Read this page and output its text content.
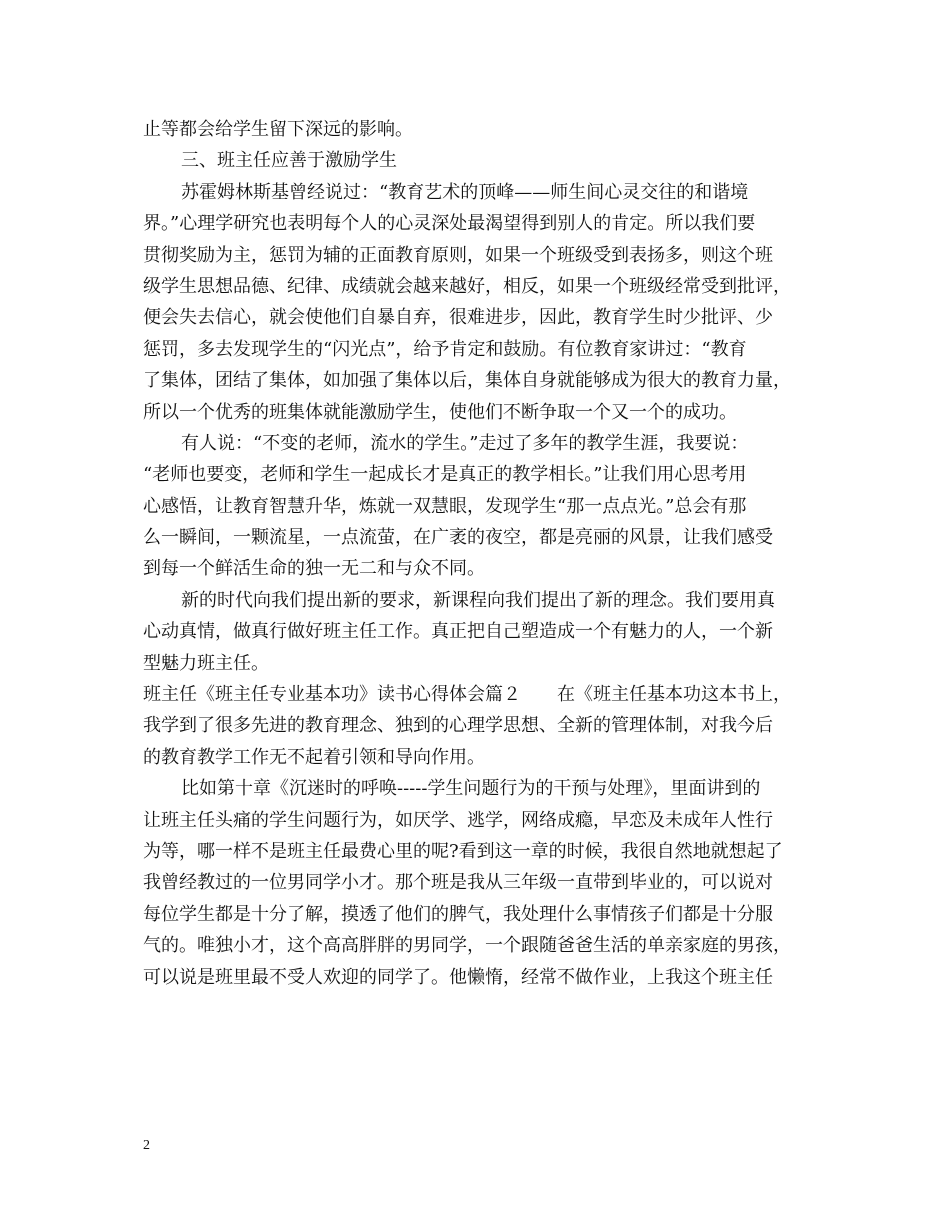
止等都会给学生留下深远的影响。
三、班主任应善于激励学生
苏霍姆林斯基曾经说过：“教育艺术的顶峰——师生间心灵交往的和谐境
界。”心理学研究也表明每个人的心灵深处最渴望得到别人的肯定。所以我们要
贯彻奖励为主，惩罚为辅的正面教育原则，如果一个班级受到表扬多，则这个班
级学生思想品德、纪律、成绩就会越来越好，相反，如果一个班级经常受到批评，
便会失去信心，就会使他们自暴自弃，很难进步，因此，教育学生时少批评、少
惩罚，多去发现学生的“闪光点”，给予肯定和鼓励。有位教育家讲过：“教育
了集体，团结了集体，如加强了集体以后，集体自身就能够成为很大的教育力量，
所以一个优秀的班集体就能激励学生，使他们不断争取一个又一个的成功。
有人说：“不变的老师，流水的学生。”走过了多年的教学生涯，我要说：
“老师也要变，老师和学生一起成长才是真正的教学相长。”让我们用心思考用
心感悟，让教育智慧升华，炼就一双慧眼，发现学生“那一点点光。”总会有那
么一瞬间，一颗流星，一点流萤，在广袤的夜空，都是亮丽的风景，让我们感受
到每一个鲜活生命的独一无二和与众不同。
新的时代向我们提出新的要求，新课程向我们提出了新的理念。我们要用真
心动真情，做真行做好班主任工作。真正把自己塑造成一个有魅力的人，一个新
型魅力班主任。
班主任《班主任专业基本功》读书心得体会篇２　　在《班主任基本功这本书上，
我学到了很多先进的教育理念、独到的心理学思想、全新的管理体制，对我今后
的教育教学工作无不起着引领和导向作用。
比如第十章《沉迷时的呼唤-----学生问题行为的干预与处理》，里面讲到的
让班主任头痛的学生问题行为，如厌学、逃学，网络成瘾，早恋及未成年人性行
为等，哪一样不是班主任最费心里的呢?看到这一章的时候，我很自然地就想起了
我曾经教过的一位男同学小才。那个班是我从三年级一直带到毕业的，可以说对
每位学生都是十分了解，摸透了他们的脾气，我处理什么事情孩子们都是十分服
气的。唯独小才，这个高高胖胖的男同学，一个跟随爸爸生活的单亲家庭的男孩，
可以说是班里最不受人欢迎的同学了。他懒惰，经常不做作业，上我这个班主任
2
